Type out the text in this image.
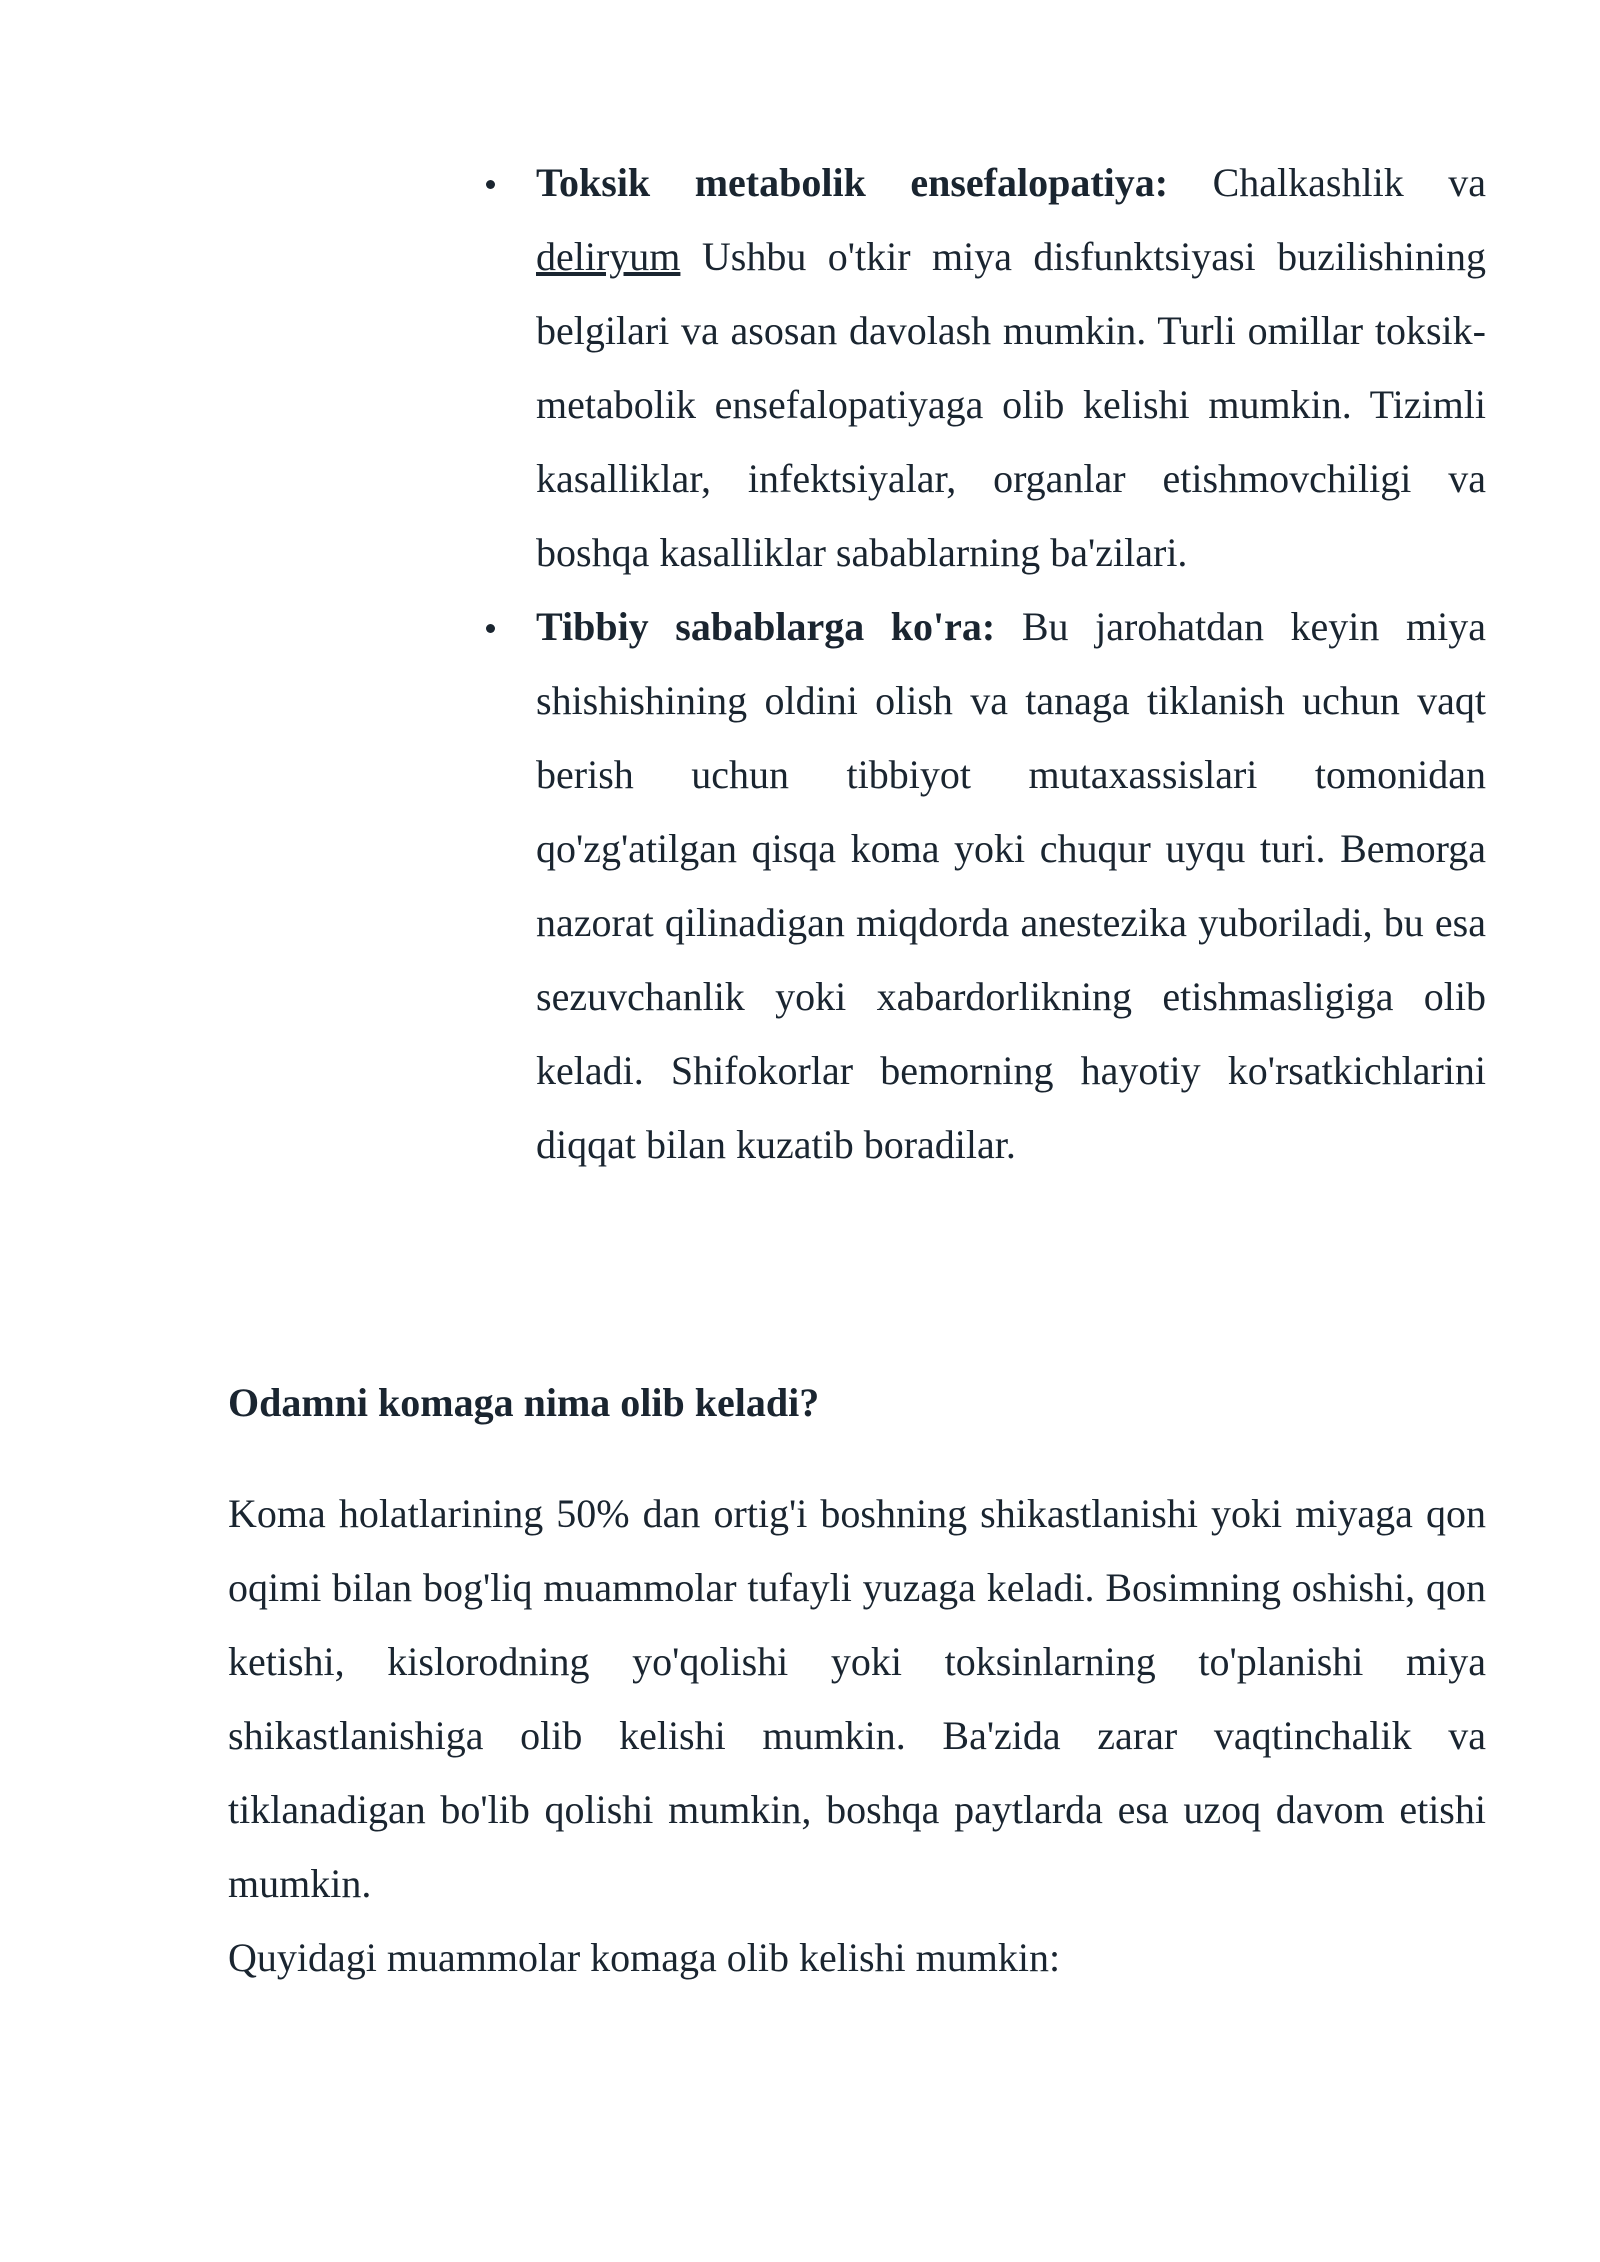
Toksik metabolik ensefalopatiya: Chalkashlik va deliryum Ushbu o'tkir miya disfunktsiyasi buzilishining belgilari va asosan davolash mumkin. Turli omillar toksik-metabolik ensefalopatiyaga olib kelishi mumkin. Tizimli kasalliklar, infektsiyalar, organlar etishmovchiligi va boshqa kasalliklar sabablarning ba'zilari.
Tibbiy sabablarga ko'ra: Bu jarohatdan keyin miya shishishining oldini olish va tanaga tiklanish uchun vaqt berish uchun tibbiyot mutaxassislari tomonidan qo'zg'atilgan qisqa koma yoki chuqur uyqu turi. Bemorga nazorat qilinadigan miqdorda anestezika yuboriladi, bu esa sezuvchanlik yoki xabardorlikning etishmasligiga olib keladi. Shifokorlar bemorning hayotiy ko'rsatkichlarini diqqat bilan kuzatib boradilar.
Odamni komaga nima olib keladi?

Koma holatlarining 50% dan ortig'i boshning shikastlanishi yoki miyaga qon oqimi bilan bog'liq muammolar tufayli yuzaga keladi. Bosimning oshishi, qon ketishi, kislorodning yo'qolishi yoki toksinlarning to'planishi miya shikastlanishiga olib kelishi mumkin. Ba'zida zarar vaqtinchalik va tiklanadigan bo'lib qolishi mumkin, boshqa paytlarda esa uzoq davom etishi mumkin.

Quyidagi muammolar komaga olib kelishi mumkin:
